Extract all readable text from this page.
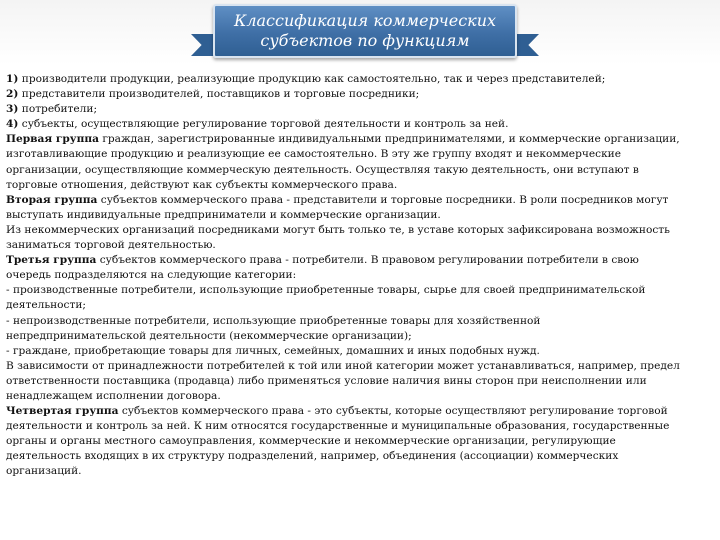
Классификация коммерческих
субъектов по функциям
1) производители продукции, реализующие продукцию как самостоятельно, так и через представителей;
2) представители производителей, поставщиков и торговые посредники;
3) потребители;
4) субъекты, осуществляющие регулирование торговой деятельности и контроль за ней.
Первая группа граждан, зарегистрированные индивидуальными предпринимателями, и коммерческие организации,
изготавливающие продукцию и реализующие ее самостоятельно. В эту же группу входят и некоммерческие
организации, осуществляющие коммерческую деятельность. Осуществляя такую деятельность, они вступают в
торговые отношения, действуют как субъекты коммерческого права.
Вторая группа субъектов коммерческого права - представители и торговые посредники. В роли посредников могут
выступать индивидуальные предприниматели и коммерческие организации.
Из некоммерческих организаций посредниками могут быть только те, в уставе которых зафиксирована возможность
заниматься торговой деятельностью.
Третья группа субъектов коммерческого права - потребители. В правовом регулировании потребители в свою
очередь подразделяются на следующие категории:
- производственные потребители, использующие приобретенные товары, сырье для своей предпринимательской
деятельности;
- непроизводственные потребители, использующие приобретенные товары для хозяйственной
непредпринимательской деятельности (некоммерческие организации);
- граждане, приобретающие товары для личных, семейных, домашних и иных подобных нужд.
В зависимости от принадлежности потребителей к той или иной категории может устанавливаться, например, предел
ответственности поставщика (продавца) либо применяться условие наличия вины сторон при неисполнении или
ненадлежащем исполнении договора.
Четвертая группа субъектов коммерческого права - это субъекты, которые осуществляют регулирование торговой
деятельности и контроль за ней. К ним относятся государственные и муниципальные образования, государственные
органы и органы местного самоуправления, коммерческие и некоммерческие организации, регулирующие
деятельность входящих в их структуру подразделений, например, объединения (ассоциации) коммерческих
организаций.
